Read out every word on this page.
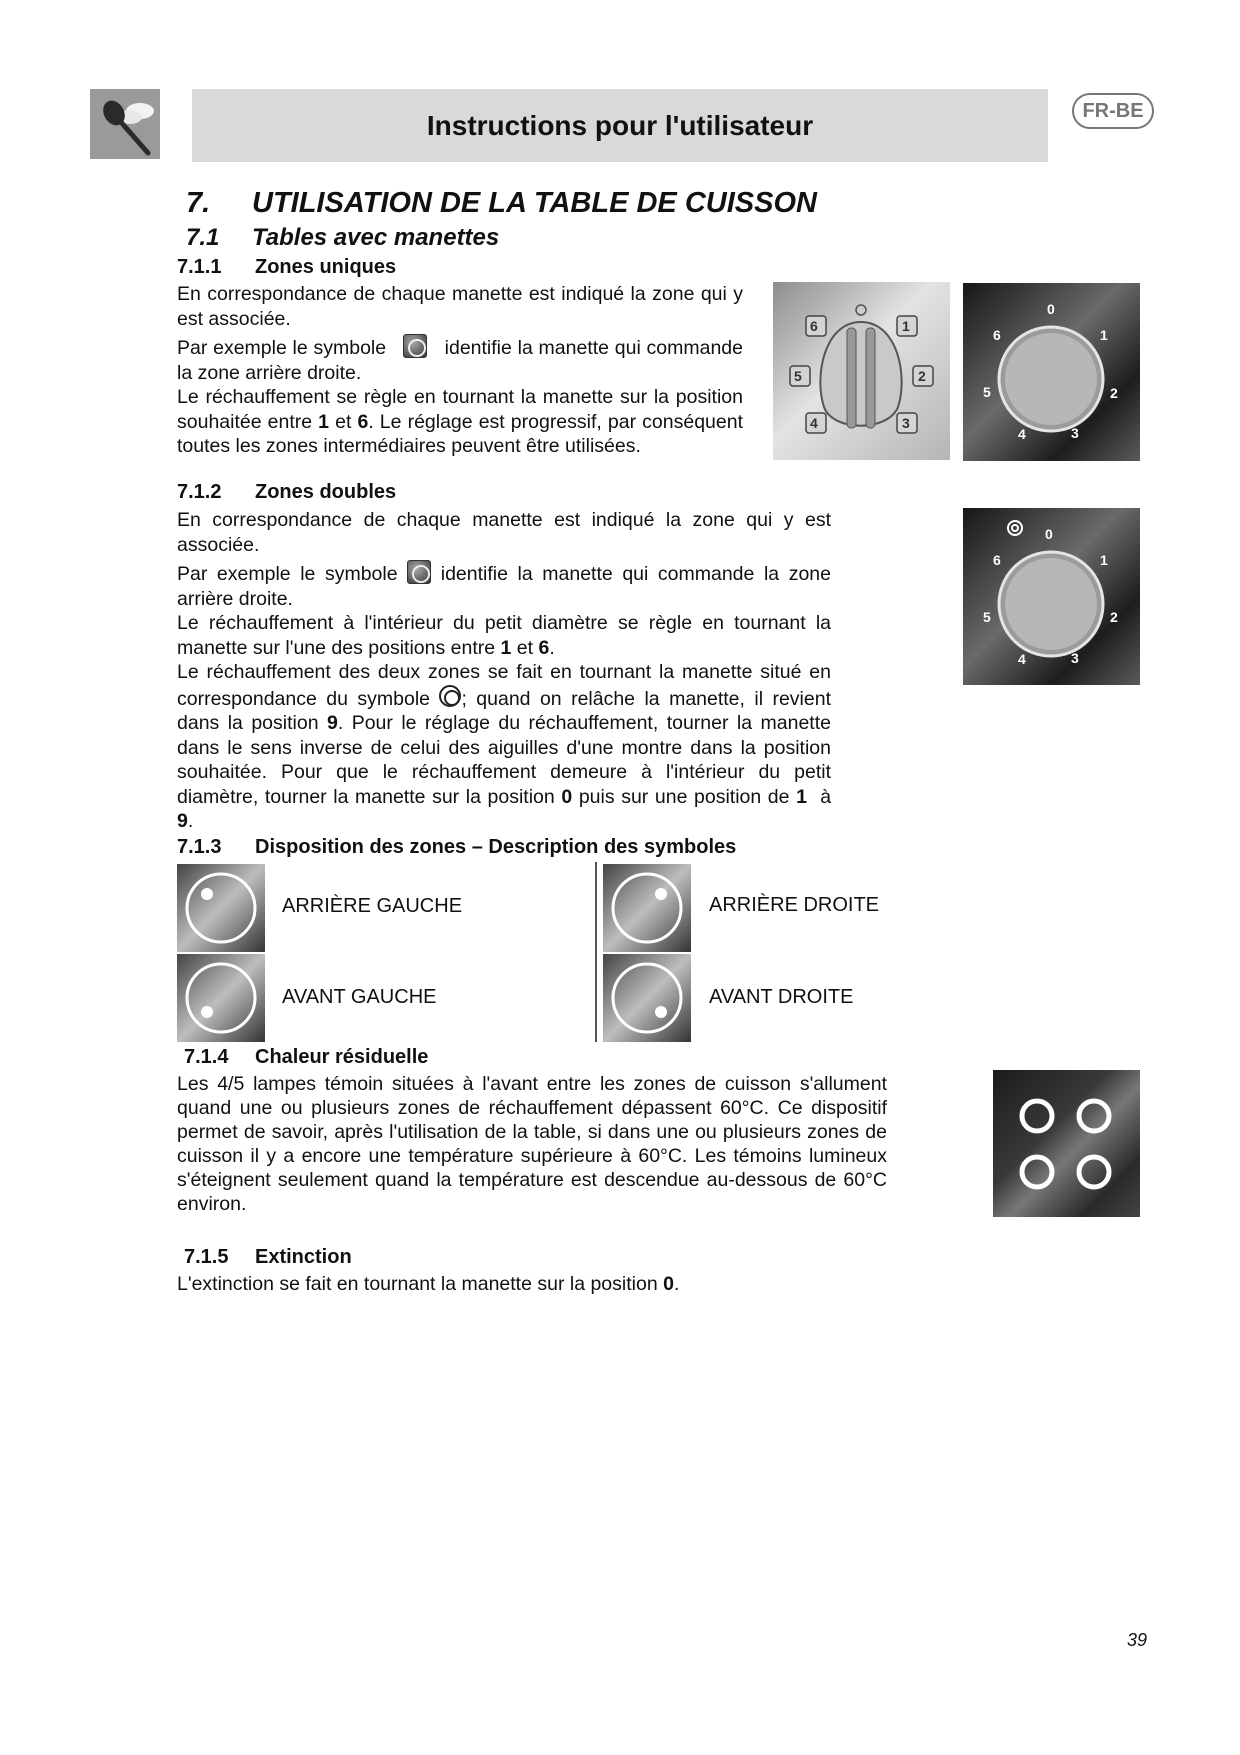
Instructions pour l'utilisateur	FR-BE
7. UTILISATION DE LA TABLE DE CUISSON
7.1 Tables avec manettes
7.1.1 Zones uniques

En correspondance de chaque manette est indiqué la zone qui y est associée.

Par exemple le symbole	identifie la manette qui commande la zone arrière droite.

Le réchauffement se règle en tournant la manette sur la position souhaitée entre 1 et 6. Le réglage est progressif, par conséquent toutes les zones intermédiaires peuvent être utilisées.

6	1
5	2
4	3
0
1
2
3
4
5
6
7.1.2 Zones doubles

En correspondance de chaque manette est indiqué la zone qui y est associée.

Par exemple le symbole identifie la manette qui commande la zone arrière droite.

Le réchauffement à l'intérieur du petit diamètre se règle en tournant la manette sur l'une des positions entre 1 et 6.

Le réchauffement des deux zones se fait en tournant la manette situé en correspondance du symbole ; quand on relâche la manette, il revient dans la position 9. Pour le réglage du réchauffement, tourner la manette dans le sens inverse de celui des aiguilles d'une montre dans la position souhaitée. Pour que le réchauffement demeure à l'intérieur du petit diamètre, tourner la manette sur la position 0 puis sur une position de 1 à 9.

0
1
2
3
4
5
6
7.1.3 Disposition des zones – Description des symboles
ARRIÈRE GAUCHE	ARRIÈRE DROITE
AVANT GAUCHE	AVANT DROITE
7.1.4 Chaleur résiduelle

Les 4/5 lampes témoin situées à l'avant entre les zones de cuisson s'allument quand une ou plusieurs zones de réchauffement dépassent 60°C. Ce dispositif permet de savoir, après l'utilisation de la table, si dans une ou plusieurs zones de cuisson il y a encore une température supérieure à 60°C. Les témoins lumineux s'éteignent seulement quand la température est descendue au-dessous de 60°C environ.

7.1.5 Extinction

L'extinction se fait en tournant la manette sur la position 0.

39
